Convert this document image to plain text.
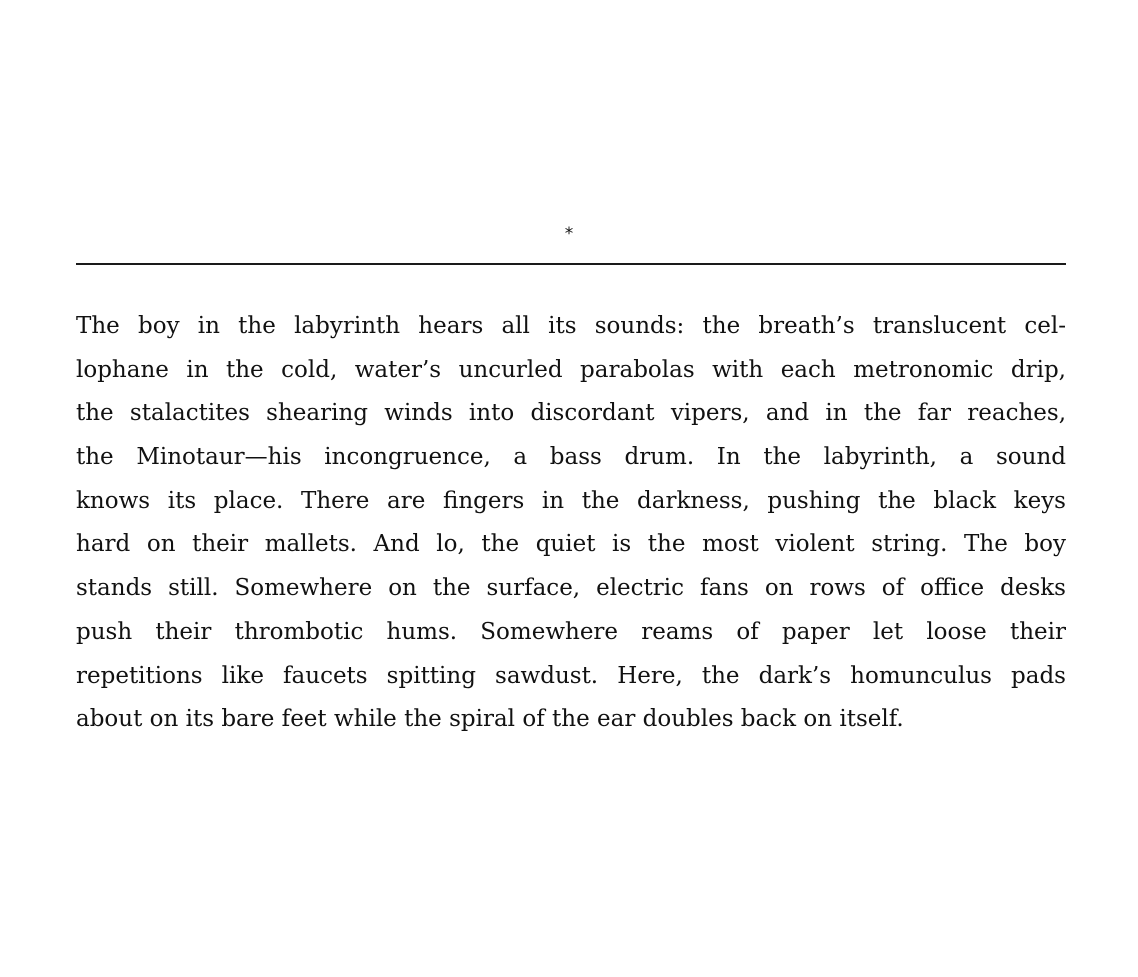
*
The boy in the labyrinth hears all its sounds: the breath’s translucent cel-
lophane in the cold, water’s uncurled parabolas with each metronomic drip,
the stalactites shearing winds into discordant vipers, and in the far reaches,
the Minotaur—his incongruence, a bass drum. In the labyrinth, a sound
knows its place. There are fingers in the darkness, pushing the black keys
hard on their mallets. And lo, the quiet is the most violent string. The boy
stands still. Somewhere on the surface, electric fans on rows of office desks
push their thrombotic hums. Somewhere reams of paper let loose their
repetitions like faucets spitting sawdust. Here, the dark’s homunculus pads
about on its bare feet while the spiral of the ear doubles back on itself.
